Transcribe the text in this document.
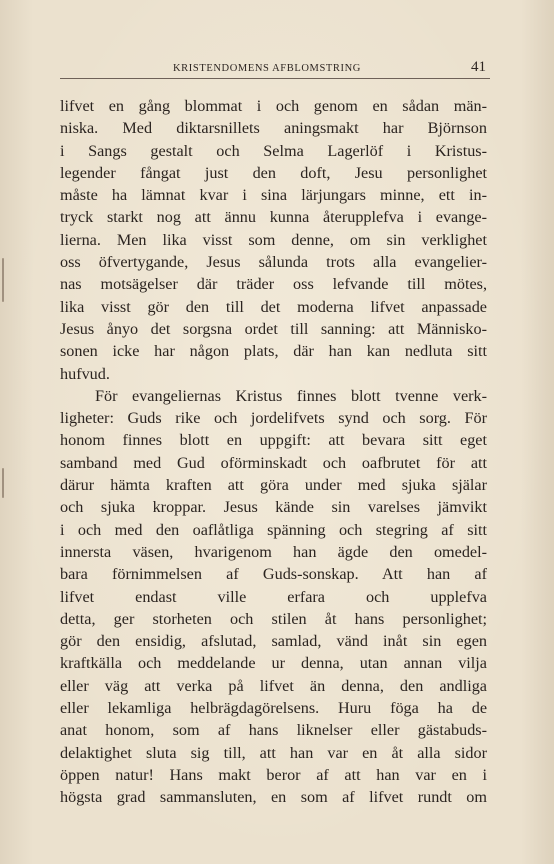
KRISTENDOMENS AFBLOMSTRING	41
lifvet en gång blommat i och genom en sådan män-
niska. Med diktarsnillets aningsmakt har Björnson
i Sangs gestalt och Selma Lagerlöf i Kristus-
legender fångat just den doft, Jesu personlighet
måste ha lämnat kvar i sina lärjungars minne, ett in-
tryck starkt nog att ännu kunna återupplefva i evange-
lierna. Men lika visst som denne, om sin verklighet
oss öfvertygande, Jesus sålunda trots alla evangelier-
nas motsägelser där träder oss lefvande till mötes,
lika visst gör den till det moderna lifvet anpassade
Jesus ånyo det sorgsna ordet till sanning: att Människo-
sonen icke har någon plats, där han kan nedluta sitt
hufvud.
För evangeliernas Kristus finnes blott tvenne verk-
ligheter: Guds rike och jordelifvets synd och sorg. För
honom finnes blott en uppgift: att bevara sitt eget
samband med Gud oförminskadt och oafbrutet för att
därur hämta kraften att göra under med sjuka själar
och sjuka kroppar. Jesus kände sin varelses jämvikt
i och med den oaflåtliga spänning och stegring af sitt
innersta väsen, hvarigenom han ägde den omedel-
bara förnimmelsen af Guds-sonskap. Att han af
lifvet endast ville erfara och upplefva
detta, ger storheten och stilen åt hans personlighet;
gör den ensidig, afslutad, samlad, vänd inåt sin egen
kraftkälla och meddelande ur denna, utan annan vilja
eller väg att verka på lifvet än denna, den andliga
eller lekamliga helbrägdagörelsens. Huru föga ha de
anat honom, som af hans liknelser eller gästabuds-
delaktighet sluta sig till, att han var en åt alla sidor
öppen natur! Hans makt beror af att han var en i
högsta grad sammansluten, en som af lifvet rundt om
